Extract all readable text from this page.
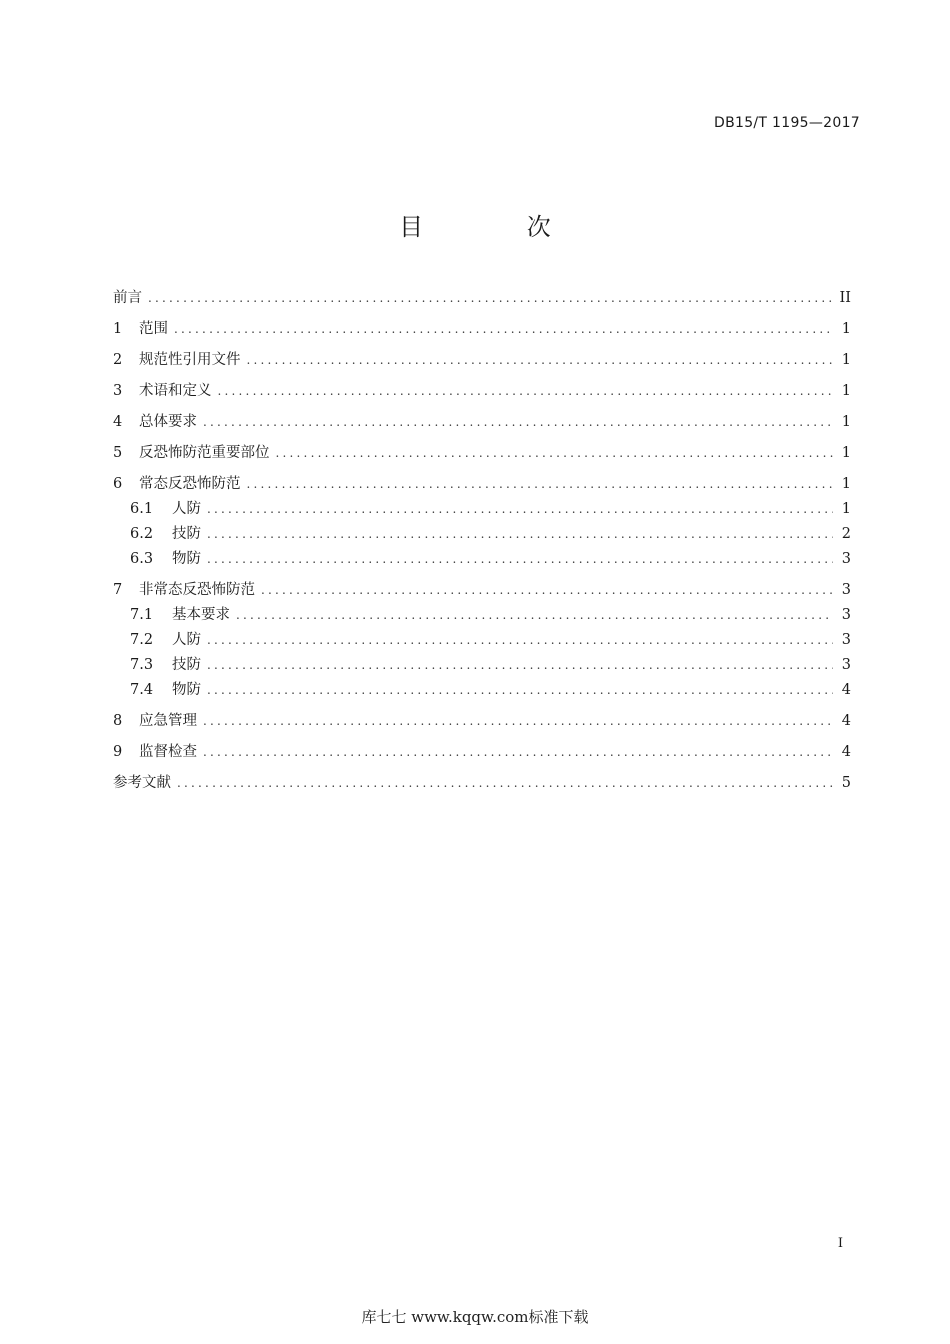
DB15/T 1195—2017
目 次
前言 .....	II
1	范围 .....	1
2	规范性引用文件 .....	1
3	术语和定义 .....	1
4	总体要求 .....	1
5	反恐怖防范重要部位 .....	1
6	常态反恐怖防范 .....	1
6.1	人防 .....	1
6.2	技防 .....	2
6.3	物防 .....	3
7	非常态反恐怖防范 .....	3
7.1	基本要求 .....	3
7.2	人防 .....	3
7.3	技防 .....	3
7.4	物防 .....	4
8	应急管理 .....	4
9	监督检查 .....	4
参考文献 .....	5
I
库七七 www.kqqw.com标准下载
